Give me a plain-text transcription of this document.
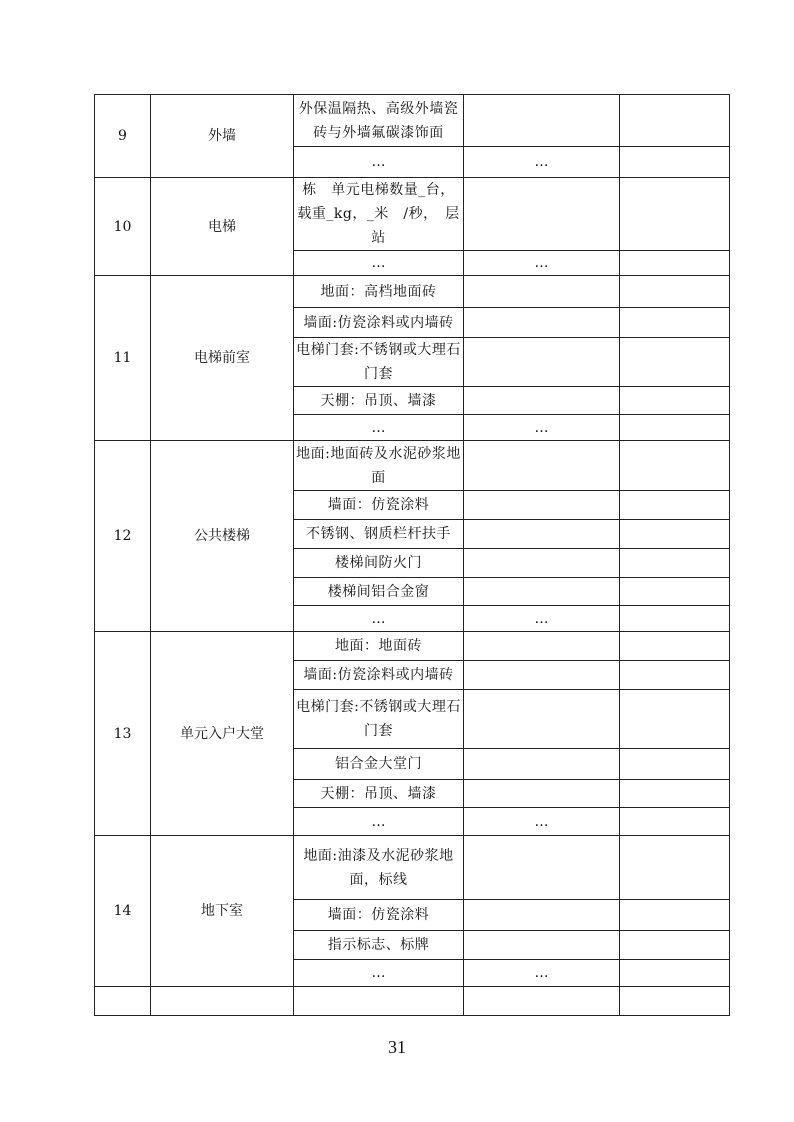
9	外墙	外保温隔热、高级外墙瓷砖与外墙氟碳漆饰面		
		…	…	
10	电梯	栋　单元电梯数量_台，载重_kg，_米　/秒，　层　站		
		…	…	
11	电梯前室	地面：高档地面砖		
		墙面:仿瓷涂料或内墙砖		
		电梯门套:不锈钢或大理石门套		
		天棚：吊顶、墙漆		
		…	…	
12	公共楼梯	地面:地面砖及水泥砂浆地面		
		墙面：仿瓷涂料		
		不锈钢、钢质栏杆扶手		
		楼梯间防火门		
		楼梯间铝合金窗		
		…	…	
13	单元入户大堂	地面：地面砖		
		墙面:仿瓷涂料或内墙砖		
		电梯门套:不锈钢或大理石门套		
		铝合金大堂门		
		天棚：吊顶、墙漆		
		…	…	
14	地下室	地面:油漆及水泥砂浆地面，标线		
		墙面：仿瓷涂料		
		指示标志、标牌		
		…	…	

31
